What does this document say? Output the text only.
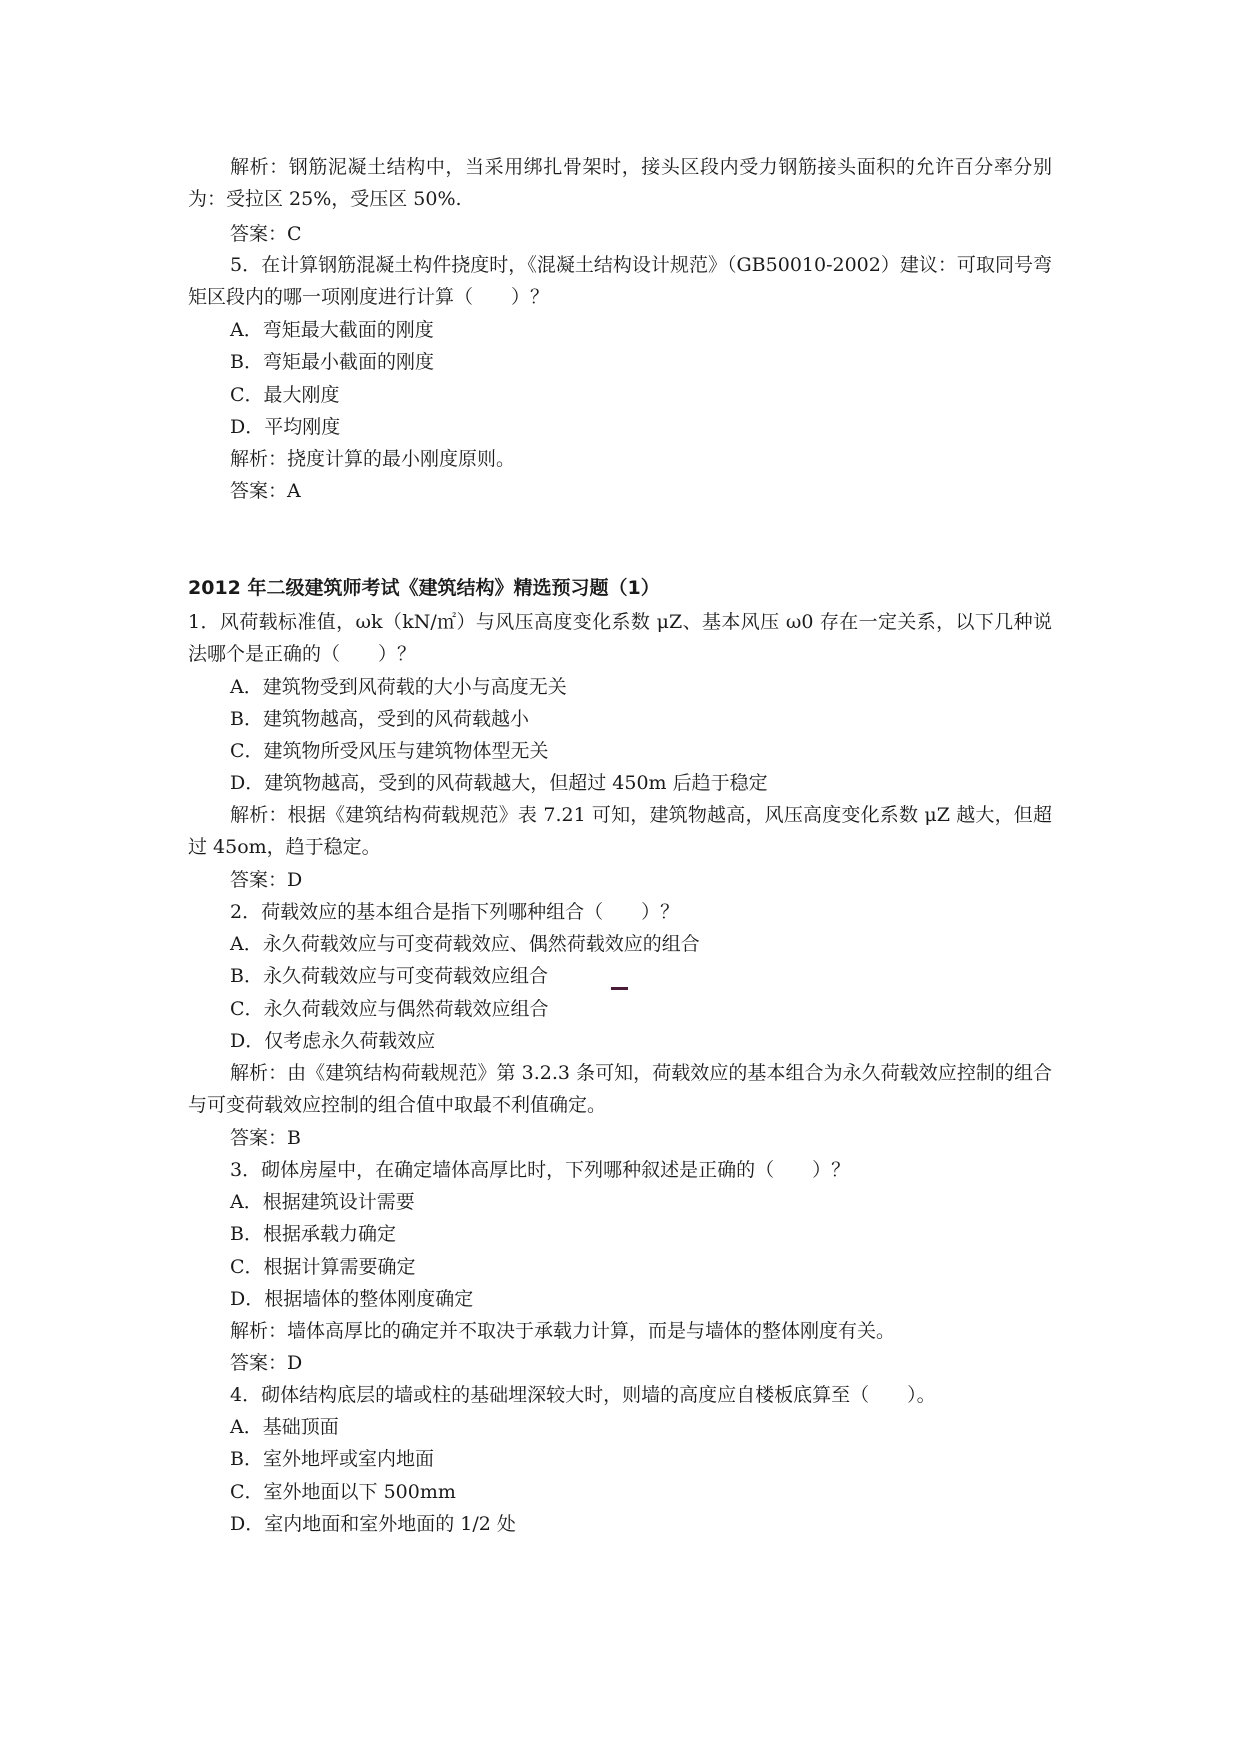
解析：钢筋泥凝土结构中，当采用绑扎骨架时，接头区段内受力钢筋接头面积的允许百分率分别为：受拉区 25%，受压区 50%.
答案：C
5．在计算钢筋混凝土构件挠度时，《混凝土结构设计规范》（GB50010-2002）建议：可取同号弯矩区段内的哪一项刚度进行计算（　　）？
A．弯矩最大截面的刚度
B．弯矩最小截面的刚度
C．最大刚度
D．平均刚度
解析：挠度计算的最小刚度原则。
答案：A
2012 年二级建筑师考试《建筑结构》精选预习题（1）
1．风荷载标准值，ωk（kN/㎡）与风压高度变化系数 μZ、基本风压 ω0 存在一定关系，以下几种说法哪个是正确的（　　）？
A．建筑物受到风荷载的大小与高度无关
B．建筑物越高，受到的风荷载越小
C．建筑物所受风压与建筑物体型无关
D．建筑物越高，受到的风荷载越大，但超过 450m 后趋于稳定
解析：根据《建筑结构荷载规范》表 7.21 可知，建筑物越高，风压高度变化系数 μZ 越大，但超过 45om，趋于稳定。
答案：D
2．荷载效应的基本组合是指下列哪种组合（　　）？
A．永久荷载效应与可变荷载效应、偶然荷载效应的组合
B．永久荷载效应与可变荷载效应组合
C．永久荷载效应与偶然荷载效应组合
D．仅考虑永久荷载效应
解析：由《建筑结构荷载规范》第 3.2.3 条可知，荷载效应的基本组合为永久荷载效应控制的组合与可变荷载效应控制的组合值中取最不利值确定。
答案：B
3．砌体房屋中，在确定墙体高厚比时，下列哪种叙述是正确的（　　）？
A．根据建筑设计需要
B．根据承载力确定
C．根据计算需要确定
D．根据墙体的整体刚度确定
解析：墙体高厚比的确定并不取决于承载力计算，而是与墙体的整体刚度有关。
答案：D
4．砌体结构底层的墙或柱的基础埋深较大时，则墙的高度应自楼板底算至（　　）。
A．基础顶面
B．室外地坪或室内地面
C．室外地面以下 500mm
D．室内地面和室外地面的 1/2 处
